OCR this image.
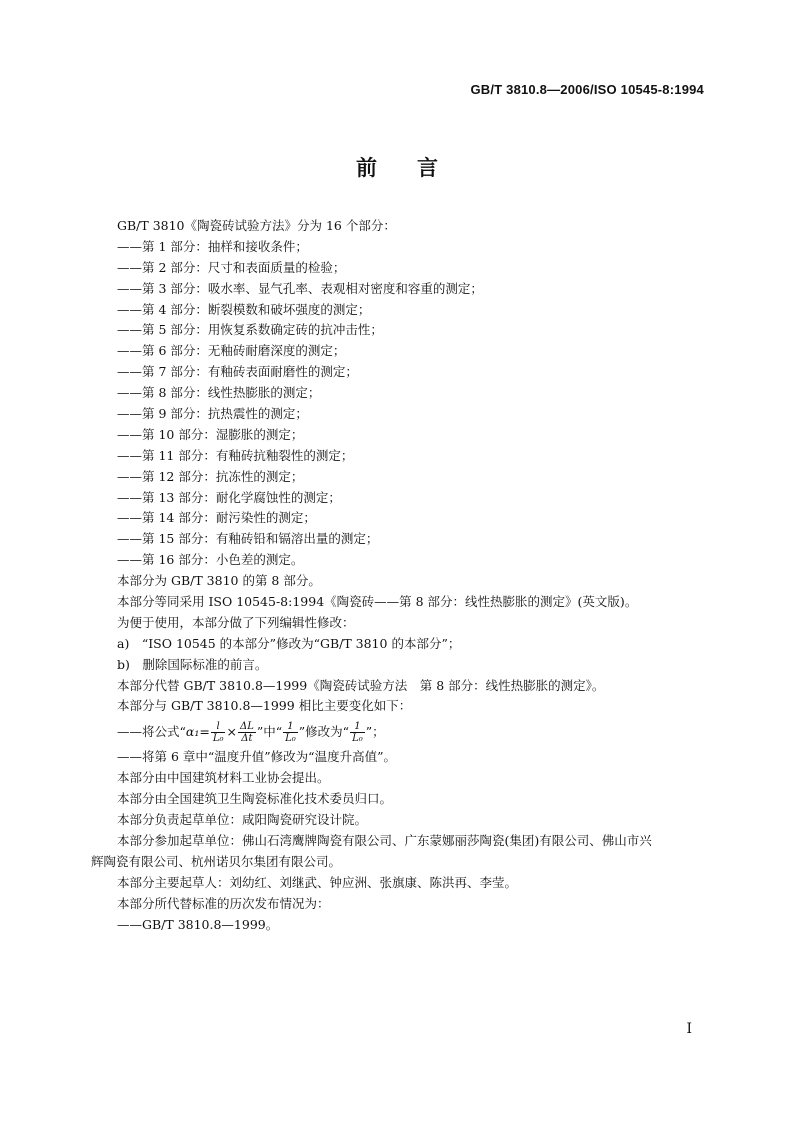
GB/T 3810.8—2006/ISO 10545-8:1994
前 言
GB/T 3810《陶瓷砖试验方法》分为 16 个部分：
——第 1 部分：抽样和接收条件；
——第 2 部分：尺寸和表面质量的检验；
——第 3 部分：吸水率、显气孔率、表观相对密度和容重的测定；
——第 4 部分：断裂模数和破坏强度的测定；
——第 5 部分：用恢复系数确定砖的抗冲击性；
——第 6 部分：无釉砖耐磨深度的测定；
——第 7 部分：有釉砖表面耐磨性的测定；
——第 8 部分：线性热膨胀的测定；
——第 9 部分：抗热震性的测定；
——第 10 部分：湿膨胀的测定；
——第 11 部分：有釉砖抗釉裂性的测定；
——第 12 部分：抗冻性的测定；
——第 13 部分：耐化学腐蚀性的测定；
——第 14 部分：耐污染性的测定；
——第 15 部分：有釉砖铅和镉溶出量的测定；
——第 16 部分：小色差的测定。
本部分为 GB/T 3810 的第 8 部分。
本部分等同采用 ISO 10545-8:1994《陶瓷砖——第 8 部分：线性热膨胀的测定》(英文版)。
为便于使用，本部分做了下列编辑性修改：
a)　“ISO 10545 的本部分”修改为“GB/T 3810 的本部分”；
b)　删除国际标准的前言。
本部分代替 GB/T 3810.8—1999《陶瓷砖试验方法　第 8 部分：线性热膨胀的测定》。
本部分与 GB/T 3810.8—1999 相比主要变化如下：
——将公式“$\alpha_1= \frac{l}{\text{L₀}} \times \frac{\Delta L}{\Delta t}$ ”中“ $\frac{1}{\text{L₀}}$ ”修改为“ $\frac{1}{\text{L₀}}$ ”；
——将第 6 章中“温度升值”修改为“温度升高值”。
本部分由中国建筑材料工业协会提出。
本部分由全国建筑卫生陶瓷标准化技术委员归口。
本部分负责起草单位：咸阳陶瓷研究设计院。
本部分参加起草单位：佛山石湾鹰牌陶瓷有限公司、广东蒙娜丽莎陶瓷(集团)有限公司、佛山市兴
辉陶瓷有限公司、杭州诺贝尔集团有限公司。
本部分主要起草人：刘幼红、刘继武、钟应洲、张旗康、陈洪再、李莹。
本部分所代替标准的历次发布情况为：
——GB/T 3810.8—1999。
I
